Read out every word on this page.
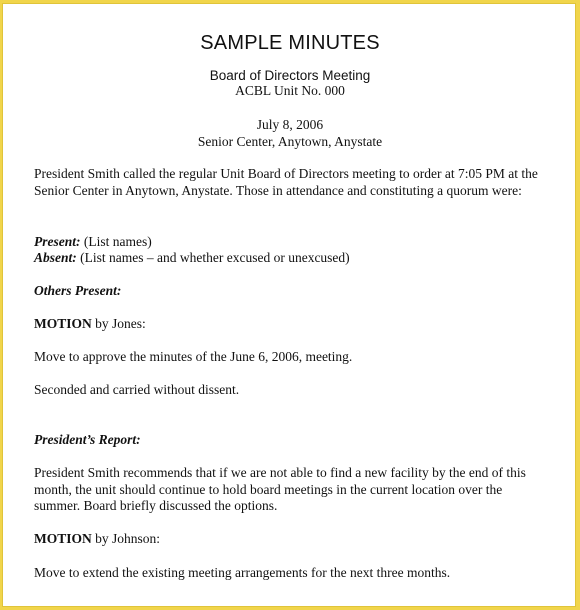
SAMPLE MINUTES
Board of Directors Meeting
ACBL Unit No. 000
July 8, 2006
Senior Center, Anytown, Anystate
President Smith called the regular Unit Board of Directors meeting to order at 7:05 PM at the Senior Center in Anytown, Anystate. Those in attendance and constituting a quorum were:
Present: (List names)
Absent: (List names – and whether excused or unexcused)
Others Present:
MOTION by Jones:
Move to approve the minutes of the June 6, 2006, meeting.
Seconded and carried without dissent.
President’s Report:
President Smith recommends that if we are not able to find a new facility by the end of this month, the unit should continue to hold board meetings in the current location over the summer. Board briefly discussed the options.
MOTION by Johnson:
Move to extend the existing meeting arrangements for the next three months.
